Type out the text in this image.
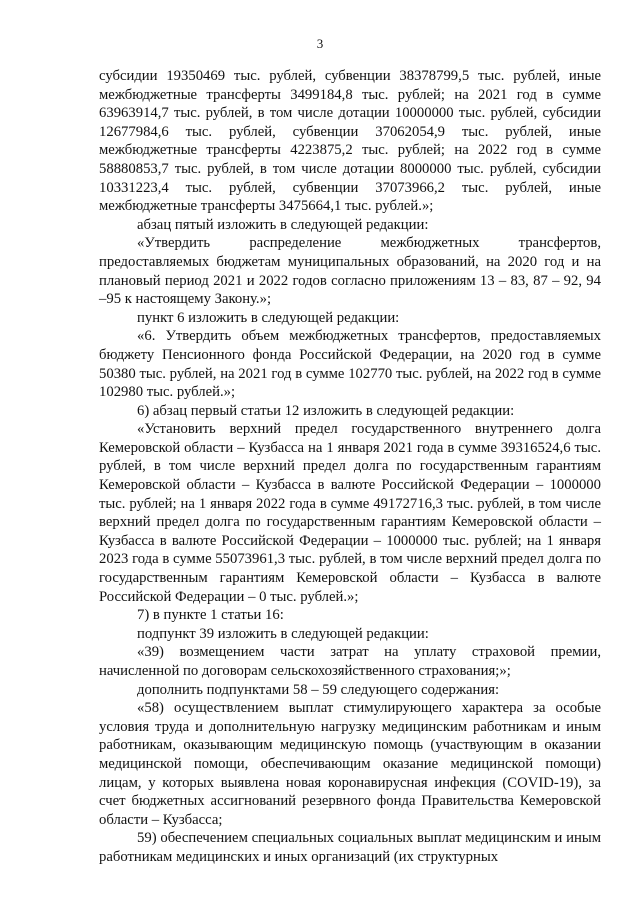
3

субсидии 19350469 тыс. рублей, субвенции 38378799,5 тыс. рублей, иные межбюджетные трансферты 3499184,8 тыс. рублей; на 2021 год в сумме 63963914,7 тыс. рублей, в том числе дотации 10000000 тыс. рублей, субсидии 12677984,6 тыс. рублей, субвенции 37062054,9 тыс. рублей, иные межбюджетные трансферты 4223875,2 тыс. рублей; на 2022 год в сумме 58880853,7 тыс. рублей, в том числе дотации 8000000 тыс. рублей, субсидии 10331223,4 тыс. рублей, субвенции 37073966,2 тыс. рублей, иные межбюджетные трансферты 3475664,1 тыс. рублей.»;

абзац пятый изложить в следующей редакции:

«Утвердить распределение межбюджетных трансфертов, предоставляемых бюджетам муниципальных образований, на 2020 год и на плановый период 2021 и 2022 годов согласно приложениям 13 – 83, 87 – 92, 94 –95 к настоящему Закону.»;

пункт 6 изложить в следующей редакции:

«6. Утвердить объем межбюджетных трансфертов, предоставляемых бюджету Пенсионного фонда Российской Федерации, на 2020 год в сумме 50380 тыс. рублей, на 2021 год в сумме 102770 тыс. рублей, на 2022 год в сумме 102980 тыс. рублей.»;

6) абзац первый статьи 12 изложить в следующей редакции:

«Установить верхний предел государственного внутреннего долга Кемеровской области – Кузбасса на 1 января 2021 года в сумме 39316524,6 тыс. рублей, в том числе верхний предел долга по государственным гарантиям Кемеровской области – Кузбасса в валюте Российской Федерации – 1000000 тыс. рублей; на 1 января 2022 года в сумме 49172716,3 тыс. рублей, в том числе верхний предел долга по государственным гарантиям Кемеровской области – Кузбасса в валюте Российской Федерации – 1000000 тыс. рублей; на 1 января 2023 года в сумме 55073961,3 тыс. рублей, в том числе верхний предел долга по государственным гарантиям Кемеровской области – Кузбасса в валюте Российской Федерации – 0 тыс. рублей.»;

7) в пункте 1 статьи 16:

подпункт 39 изложить в следующей редакции:

«39) возмещением части затрат на уплату страховой премии, начисленной по договорам сельскохозяйственного страхования;»;

дополнить подпунктами 58 – 59 следующего содержания:

«58) осуществлением выплат стимулирующего характера за особые условия труда и дополнительную нагрузку медицинским работникам и иным работникам, оказывающим медицинскую помощь (участвующим в оказании медицинской помощи, обеспечивающим оказание медицинской помощи) лицам, у которых выявлена новая коронавирусная инфекция (COVID-19), за счет бюджетных ассигнований резервного фонда Правительства Кемеровской области – Кузбасса;

59) обеспечением специальных социальных выплат медицинским и иным работникам медицинских и иных организаций (их структурных
